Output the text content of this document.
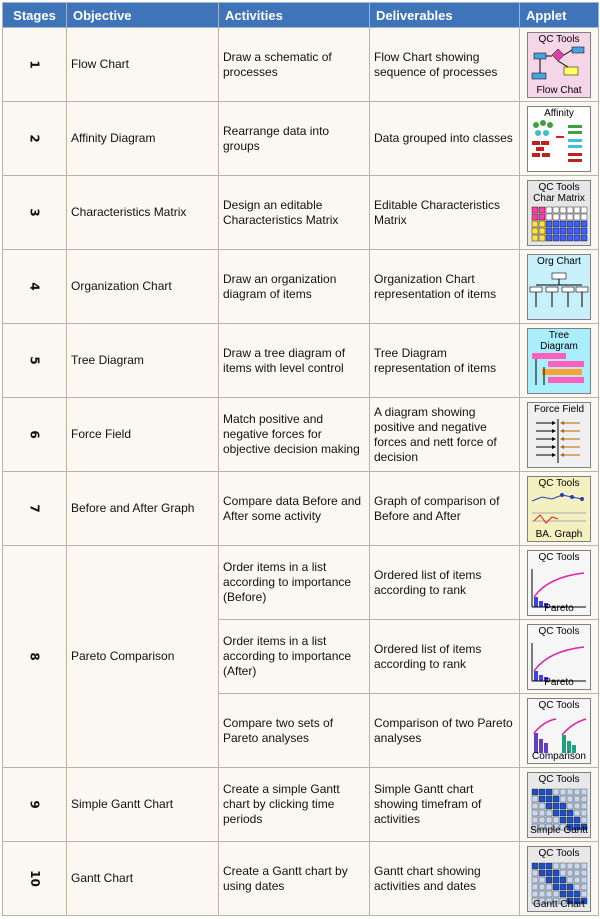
Stages	Objective	Activities	Deliverables	Applet
1	Flow Chart	Draw a schematic of processes	Flow Chart showing sequence of processes	QC Tools
Flow Chat

2	Affinity Diagram	Rearrange data into groups	Data grouped into classes	Affinity

3	Characteristics Matrix	Design an editable Characteristics Matrix	Editable Characteristics Matrix	QC Tools
Char Matrix

4	Organization Chart	Draw an organization diagram of items	Organization Chart representation of items	Org Chart

5	Tree Diagram	Draw a tree diagram of items with level control	Tree Diagram representation of items	Tree
Diagram

6	Force Field	Match positive and negative forces for objective decision making	A diagram showing positive and negative forces and nett force of decision	Force Field

7	Before and After Graph	Compare data Before and After some activity	Graph of comparison of Before and After	QC Tools
BA. Graph

8	Pareto Comparison	Order items in a list according to importance (Before)	Ordered list of items according to rank	QC Tools
Pareto

		Order items in a list according to importance (After)	Ordered list of items according to rank	QC Tools
Pareto

		Compare two sets of Pareto analyses	Comparison of two Pareto analyses	QC Tools
Comparison

9	Simple Gantt Chart	Create a simple Gantt chart by clicking time periods	Simple Gantt chart showing timefram of activities	QC Tools
Simple Gantt

10	Gantt Chart	Create a Gantt chart by using dates	Gantt chart showing activities and dates	QC Tools
Gantt Chart
